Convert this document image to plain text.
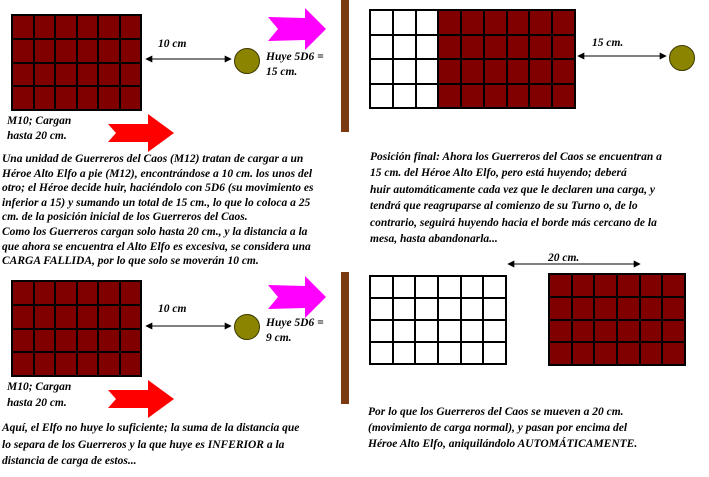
10 cm
Huye 5D6 =
15 cm.
M10; Cargan
hasta 20 cm.
15 cm.
Una unidad de Guerreros del Caos (M12) tratan de cargar a un
Héroe Alto Elfo a pie (M12), encontrándose a 10 cm. los unos del
otro; el Héroe decide huir, haciéndolo con 5D6 (su movimiento es
inferior a 15) y sumando un total de 15 cm., lo que lo coloca a 25
cm. de la posición inicial de los Guerreros del Caos.
Como los Guerreros cargan solo hasta 20 cm., y la distancia a la
que ahora se encuentra el Alto Elfo es excesiva, se considera una
CARGA FALLIDA, por lo que solo se moverán 10 cm.
Posición final: Ahora los Guerreros del Caos se encuentran a
15 cm. del Héroe Alto Elfo, pero está huyendo; deberá
huir automáticamente cada vez que le declaren una carga, y
tendrá que reagruparse al comienzo de su Turno o, de lo
contrario, seguirá huyendo hacia el borde más cercano de la
mesa, hasta abandonarla...
10 cm
Huye 5D6 =
9 cm.
M10; Cargan
hasta 20 cm.
Aquí, el Elfo no huye lo suficiente; la suma de la distancia que
lo separa de los Guerreros y la que huye es INFERIOR a la
distancia de carga de estos...
20 cm.
Por lo que los Guerreros del Caos se mueven a 20 cm.
(movimiento de carga normal), y pasan por encima del
Héroe Alto Elfo, aniquilándolo AUTOMÁTICAMENTE.
